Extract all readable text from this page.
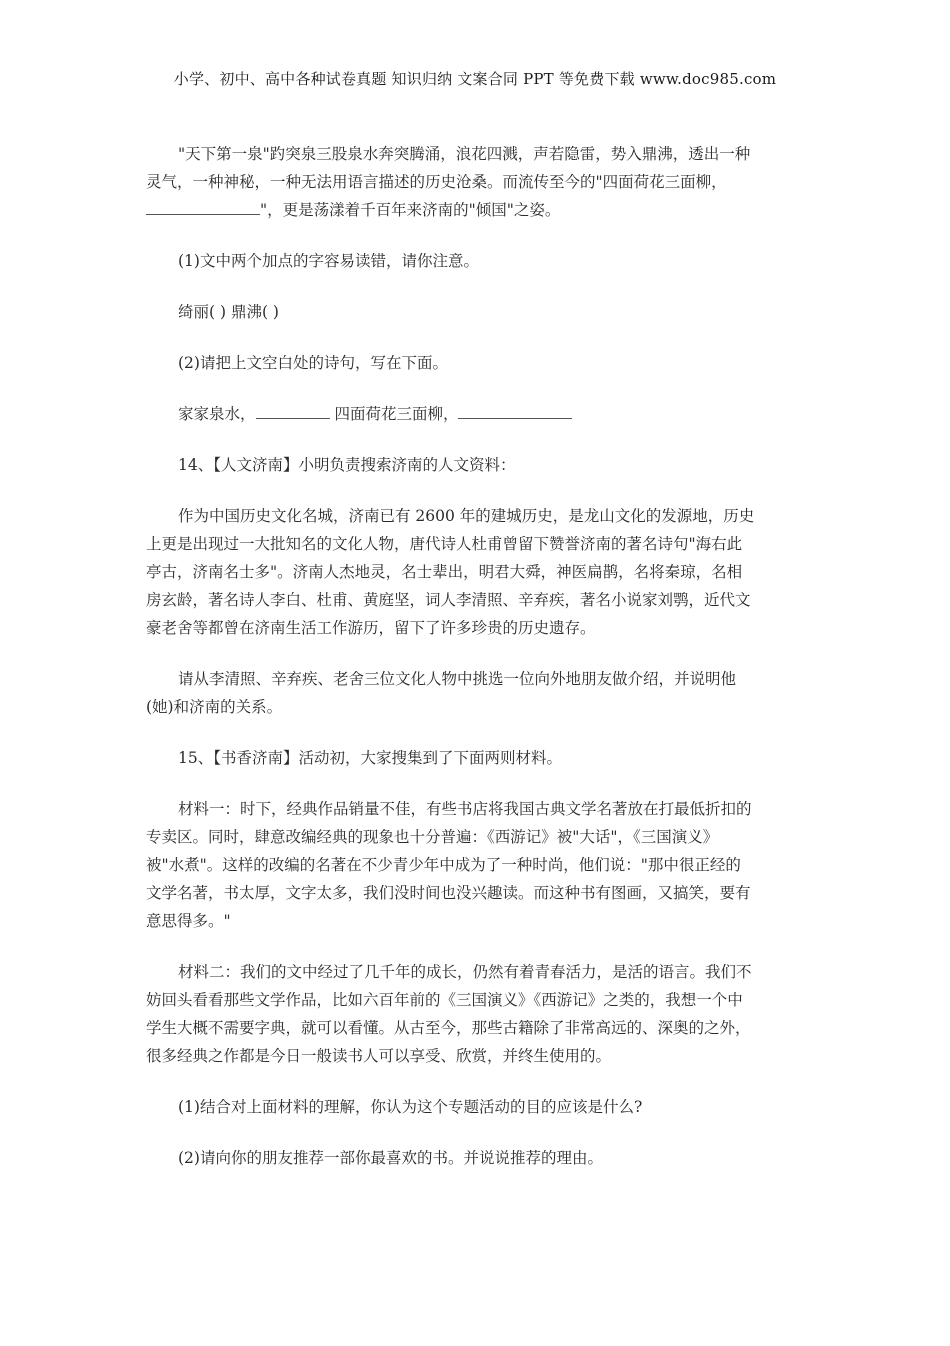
小学、初中、高中各种试卷真题 知识归纳 文案合同 PPT 等免费下载 www.doc985.com

"天下第一泉"趵突泉三股泉水奔突腾涌，浪花四溅，声若隐雷，势入鼎沸，透出一种
灵气，一种神秘，一种无法用语言描述的历史沧桑。而流传至今的"四面荷花三面柳，
"，更是荡漾着千百年来济南的"倾国"之姿。

(1)文中两个加点的字容易读错，请你注意。

绮丽( ) 鼎沸( )

(2)请把上文空白处的诗句，写在下面。

家家泉水，	四面荷花三面柳，

14、【人文济南】小明负责搜索济南的人文资料：

作为中国历史文化名城，济南已有 2600 年的建城历史，是龙山文化的发源地，历史
上更是出现过一大批知名的文化人物，唐代诗人杜甫曾留下赞誉济南的著名诗句"海右此
亭古，济南名士多"。济南人杰地灵，名士辈出，明君大舜，神医扁鹊，名将秦琼，名相
房玄龄，著名诗人李白、杜甫、黄庭坚，词人李清照、辛弃疾，著名小说家刘鹗，近代文
豪老舍等都曾在济南生活工作游历，留下了许多珍贵的历史遗存。

请从李清照、辛弃疾、老舍三位文化人物中挑选一位向外地朋友做介绍，并说明他
(她)和济南的关系。

15、【书香济南】活动初，大家搜集到了下面两则材料。

材料一：时下，经典作品销量不佳，有些书店将我国古典文学名著放在打最低折扣的
专卖区。同时，肆意改编经典的现象也十分普遍：《西游记》被"大话"，《三国演义》
被"水煮"。这样的改编的名著在不少青少年中成为了一种时尚，他们说："那中很正经的
文学名著，书太厚，文字太多，我们没时间也没兴趣读。而这种书有图画，又搞笑，要有
意思得多。"

材料二：我们的文中经过了几千年的成长，仍然有着青春活力，是活的语言。我们不
妨回头看看那些文学作品，比如六百年前的《三国演义》《西游记》之类的，我想一个中
学生大概不需要字典，就可以看懂。从古至今，那些古籍除了非常高远的、深奥的之外，
很多经典之作都是今日一般读书人可以享受、欣赏，并终生使用的。

(1)结合对上面材料的理解，你认为这个专题活动的目的应该是什么?

(2)请向你的朋友推荐一部你最喜欢的书。并说说推荐的理由。
